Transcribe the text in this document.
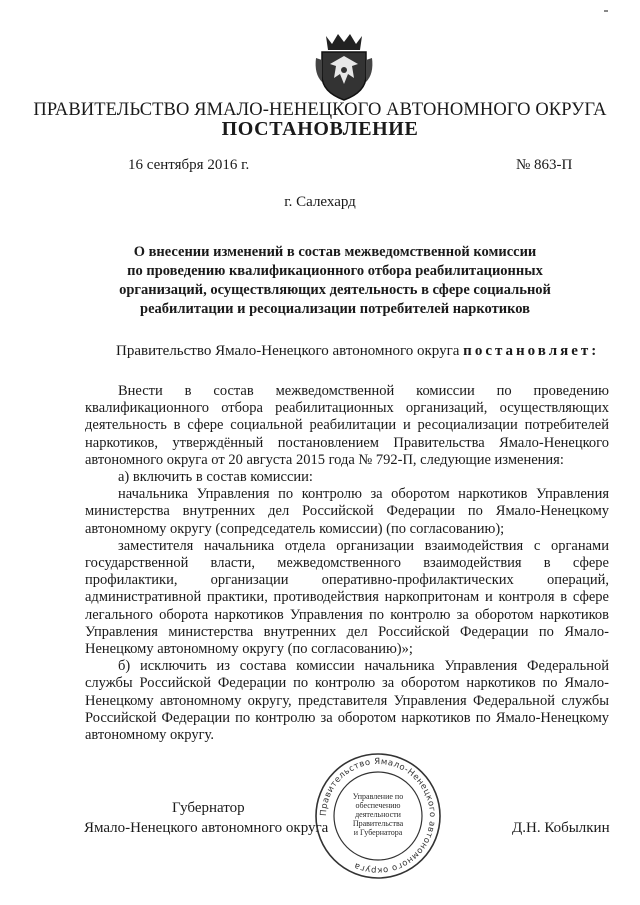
ПРАВИТЕЛЬСТВО ЯМАЛО-НЕНЕЦКОГО АВТОНОМНОГО ОКРУГА
ПОСТАНОВЛЕНИЕ
16 сентября 2016 г.	№ 863-П
г. Салехард
О внесении изменений в состав межведомственной комиссии
по проведению квалификационного отбора реабилитационных
организаций, осуществляющих деятельность в сфере социальной
реабилитации и ресоциализации потребителей наркотиков
Правительство Ямало-Ненецкого автономного округа постановляет:

Внести в состав межведомственной комиссии по проведению квалификационного отбора реабилитационных организаций, осуществляющих деятельность в сфере социальной реабилитации и ресоциализации потребителей наркотиков, утверждённый постановлением Правительства Ямало-Ненецкого автономного округа от 20 августа 2015 года № 792-П, следующие изменения:

а) включить в состав комиссии:

начальника Управления по контролю за оборотом наркотиков Управления министерства внутренних дел Российской Федерации по Ямало-Ненецкому автономному округу (сопредседатель комиссии) (по согласованию);

заместителя начальника отдела организации взаимодействия с органами государственной власти, межведомственного взаимодействия в сфере профилактики, организации оперативно-профилактических операций, административной практики, противодействия наркопритонам и контроля в сфере легального оборота наркотиков Управления по контролю за оборотом наркотиков Управления министерства внутренних дел Российской Федерации по Ямало-Ненецкому автономному округу (по согласованию)»;

б) исключить из состава комиссии начальника Управления Федеральной службы Российской Федерации по контролю за оборотом наркотиков по Ямало-Ненецкому автономному округу, представителя Управления Федеральной службы Российской Федерации по контролю за оборотом наркотиков по Ямало-Ненецкому автономному округу.

Губернатор
Ямало-Ненецкого автономного округа	Д.Н. Кобылкин
Правительство Ямало-Ненецкого автономного округа
Управление по
обеспечению
деятельности
Правительства
и Губернатора
